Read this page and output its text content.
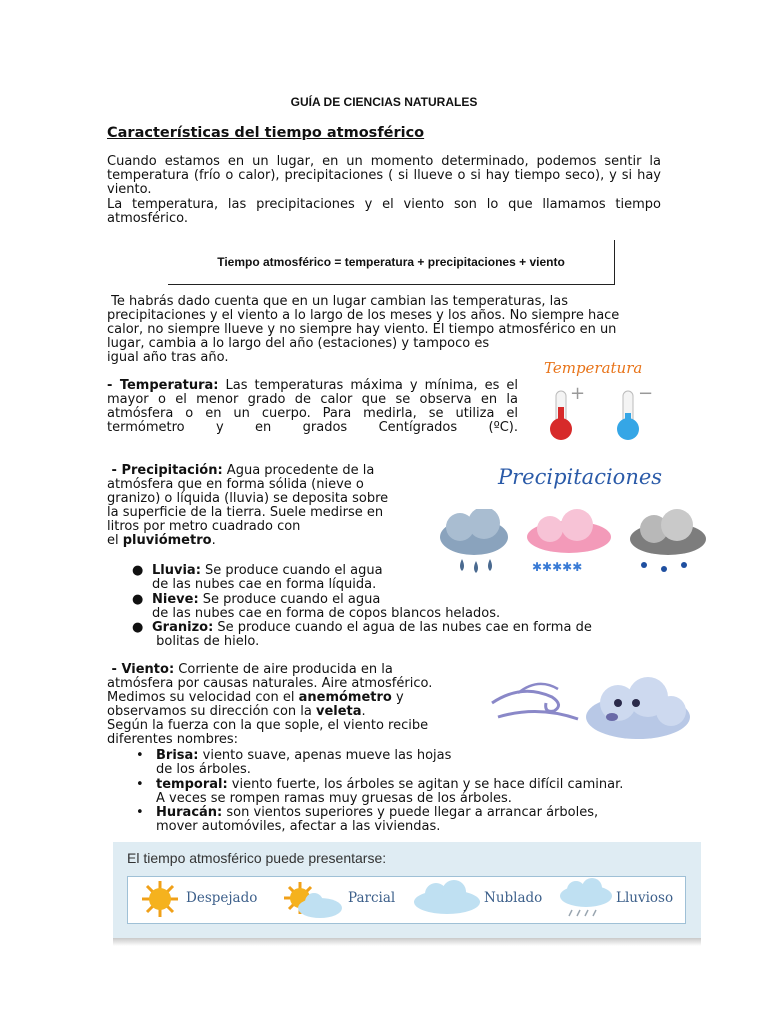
GUÍA DE CIENCIAS NATURALES
Características del tiempo atmosférico

Cuando estamos en un lugar, en un momento determinado, podemos sentir la temperatura (frío o calor), precipitaciones ( si llueve o si hay tiempo seco), y si hay viento.

La temperatura, las precipitaciones y el viento son lo que llamamos tiempo atmosférico.

Tiempo atmosférico = temperatura + precipitaciones + viento
Te habrás dado cuenta que en un lugar cambian las temperaturas, las
precipitaciones y el viento a lo largo de los meses y los años. No siempre hace
calor, no siempre llueve y no siempre hay viento. El tiempo atmosférico en un
lugar, cambia a lo largo del año (estaciones) y tampoco es
igual año tras año.

- Temperatura: Las temperaturas máxima y mínima, es el mayor o el menor grado de calor que se observa en la atmósfera o en un cuerpo. Para medirla, se utiliza el termómetro y en grados Centígrados (ºC).

Temperatura
+	−
- Precipitación: Agua procedente de la
atmósfera que en forma sólida (nieve o
granizo) o líquida (lluvia) se deposita sobre
la superficie de la tierra. Suele medirse en
litros por metro cuadrado con
el pluviómetro.
Precipitaciones
✱✱✱✱✱
● Lluvia: Se produce cuando el agua
de las nubes cae en forma líquida.
● Nieve: Se produce cuando el agua
de las nubes cae en forma de copos blancos helados.
● Granizo: Se produce cuando el agua de las nubes cae en forma de
bolitas de hielo.
- Viento: Corriente de aire producida en la
atmósfera por causas naturales. Aire atmosférico.
Medimos su velocidad con el anemómetro y
observamos su dirección con la veleta.
Según la fuerza con la que sople, el viento recibe
diferentes nombres:
• Brisa: viento suave, apenas mueve las hojas
de los árboles.
• temporal: viento fuerte, los árboles se agitan y se hace difícil caminar.
A veces se rompen ramas muy gruesas de los árboles.
• Huracán: son vientos superiores y puede llegar a arrancar árboles,
mover automóviles, afectar a las viviendas.
El tiempo atmosférico puede presentarse:
Despejado	Parcial	Nublado	Lluvioso
